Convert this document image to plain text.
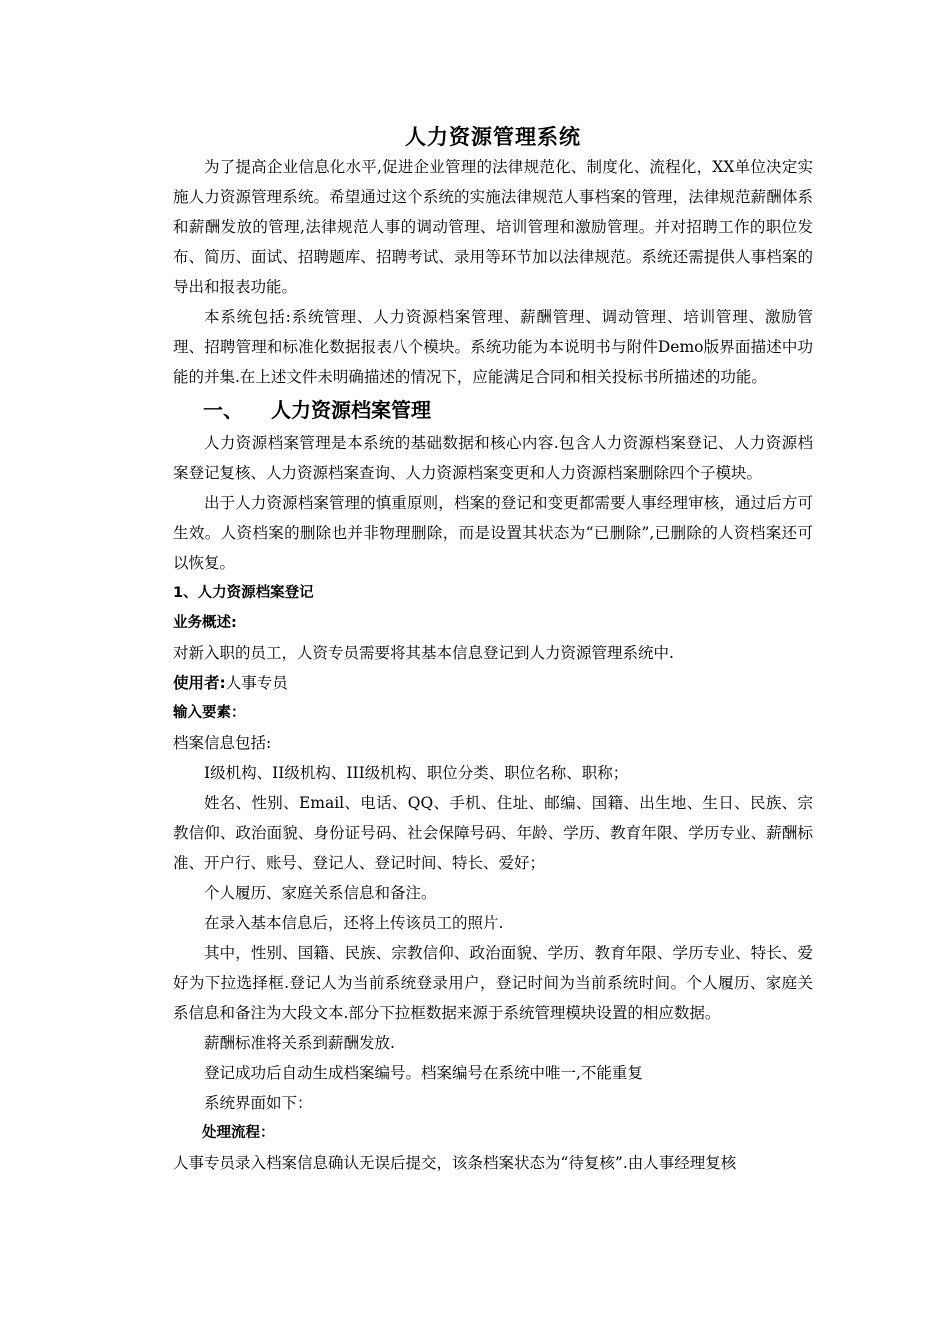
人力资源管理系统

为了提高企业信息化水平,促进企业管理的法律规范化、制度化、流程化，XX单位决定实施人力资源管理系统。希望通过这个系统的实施法律规范人事档案的管理，法律规范薪酬体系和薪酬发放的管理,法律规范人事的调动管理、培训管理和激励管理。并对招聘工作的职位发布、简历、面试、招聘题库、招聘考试、录用等环节加以法律规范。系统还需提供人事档案的导出和报表功能。

本系统包括:系统管理、人力资源档案管理、薪酬管理、调动管理、培训管理、激励管理、招聘管理和标准化数据报表八个模块。系统功能为本说明书与附件Demo版界面描述中功能的并集.在上述文件未明确描述的情况下，应能满足合同和相关投标书所描述的功能。

一、 人力资源档案管理

人力资源档案管理是本系统的基础数据和核心内容.包含人力资源档案登记、人力资源档案登记复核、人力资源档案查询、人力资源档案变更和人力资源档案删除四个子模块。

出于人力资源档案管理的慎重原则，档案的登记和变更都需要人事经理审核，通过后方可生效。人资档案的删除也并非物理删除，而是设置其状态为“已删除”,已删除的人资档案还可以恢复。

1、人力资源档案登记

业务概述:

对新入职的员工，人资专员需要将其基本信息登记到人力资源管理系统中.

使用者:人事专员

输入要素：

档案信息包括:

I级机构、II级机构、III级机构、职位分类、职位名称、职称；

姓名、性别、Email、电话、QQ、手机、住址、邮编、国籍、出生地、生日、民族、宗教信仰、政治面貌、身份证号码、社会保障号码、年龄、学历、教育年限、学历专业、薪酬标准、开户行、账号、登记人、登记时间、特长、爱好；

个人履历、家庭关系信息和备注。

在录入基本信息后，还将上传该员工的照片.

其中，性别、国籍、民族、宗教信仰、政治面貌、学历、教育年限、学历专业、特长、爱好为下拉选择框.登记人为当前系统登录用户，登记时间为当前系统时间。个人履历、家庭关系信息和备注为大段文本.部分下拉框数据来源于系统管理模块设置的相应数据。

薪酬标准将关系到薪酬发放.

登记成功后自动生成档案编号。档案编号在系统中唯一,不能重复

系统界面如下：

处理流程：

人事专员录入档案信息确认无误后提交，该条档案状态为“待复核”.由人事经理复核
